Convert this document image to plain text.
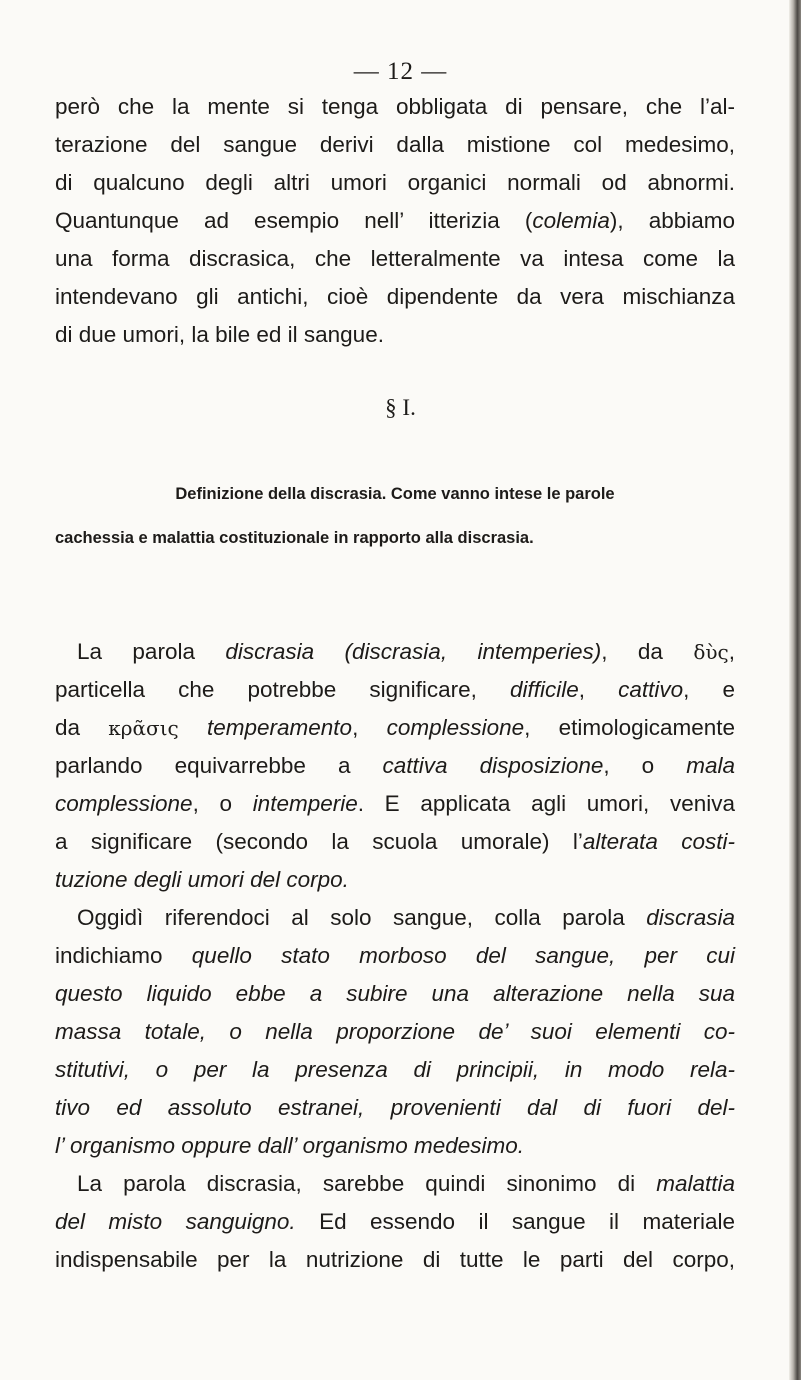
— 12 —
però che la mente si tenga obbligata di pensare, che l’al-
terazione del sangue derivi dalla mistione col medesimo,
di qualcuno degli altri umori organici normali od abnormi.
Quantunque ad esempio nell’ itterizia (colemia), abbiamo
una forma discrasica, che letteralmente va intesa come la
intendevano gli antichi, cioè dipendente da vera mischianza
di due umori, la bile ed il sangue.
§ I.
Definizione della discrasia. Come vanno intese le parole
cachessia e malattia costituzionale in rapporto alla discrasia.
La parola discrasia (discrasia, intemperies), da δὺς,
particella che potrebbe significare, difficile, cattivo, e
da κρᾶσις temperamento, complessione, etimologicamente
parlando equivarrebbe a cattiva disposizione, o mala
complessione, o intemperie. E applicata agli umori, veniva
a significare (secondo la scuola umorale) l’alterata costi-
tuzione degli umori del corpo.
Oggidì riferendoci al solo sangue, colla parola discrasia
indichiamo quello stato morboso del sangue, per cui
questo liquido ebbe a subire una alterazione nella sua
massa totale, o nella proporzione de’ suoi elementi co-
stitutivi, o per la presenza di principii, in modo rela-
tivo ed assoluto estranei, provenienti dal di fuori del-
l’ organismo oppure dall’ organismo medesimo.
La parola discrasia, sarebbe quindi sinonimo di malattia
del misto sanguigno. Ed essendo il sangue il materiale
indispensabile per la nutrizione di tutte le parti del corpo,
